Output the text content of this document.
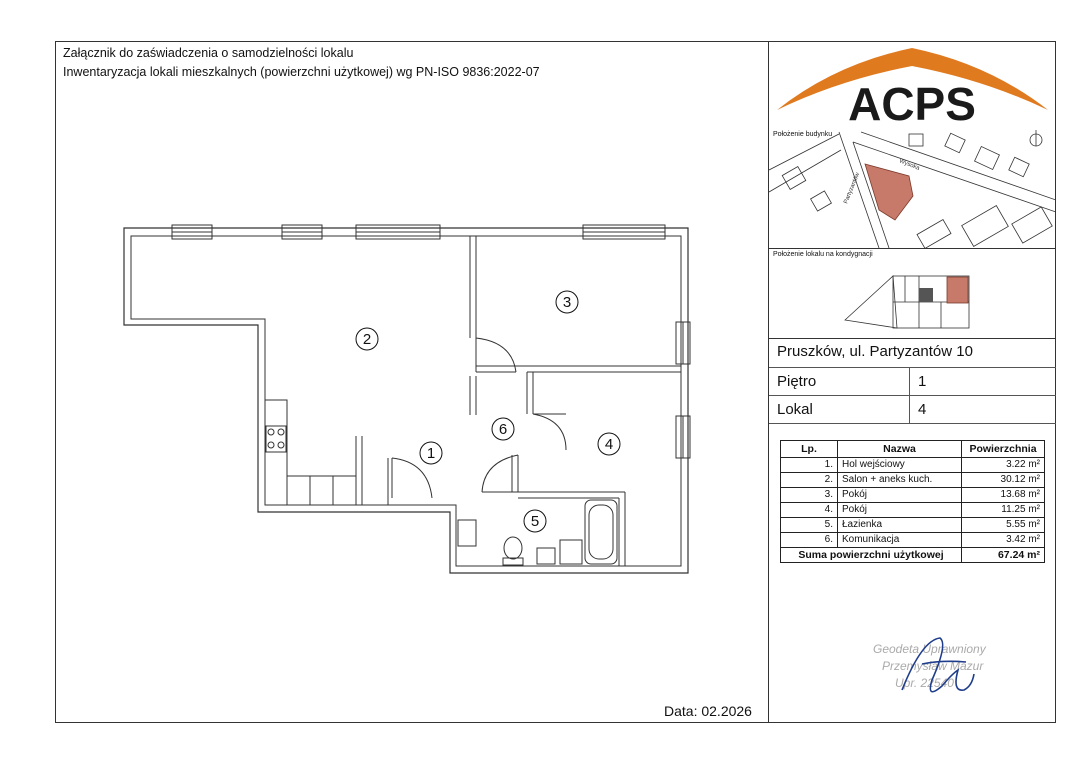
Załącznik do zaświadczenia o samodzielności lokalu
Inwentaryzacja lokali mieszkalnych (powierzchni użytkowej) wg PN-ISO 9836:2022-07
1
2
3
4
5
6
Data: 02.2026
ACPS
Położenie budynku
Wysoka
Partyzantów
Położenie lokalu na kondygnacji
Pruszków, ul. Partyzantów 10
Piętro	1
Lokal	4
Lp.	Nazwa	Powierzchnia
1.	Hol wejściowy	3.22 m²
2.	Salon + aneks kuch.	30.12 m²
3.	Pokój	13.68 m²
4.	Pokój	11.25 m²
5.	Łazienka	5.55 m²
6.	Komunikacja	3.42 m²
Suma powierzchni użytkowej		67.24 m²
Geodeta Uprawniony
Przemysław Mazur
Upr. 22540
